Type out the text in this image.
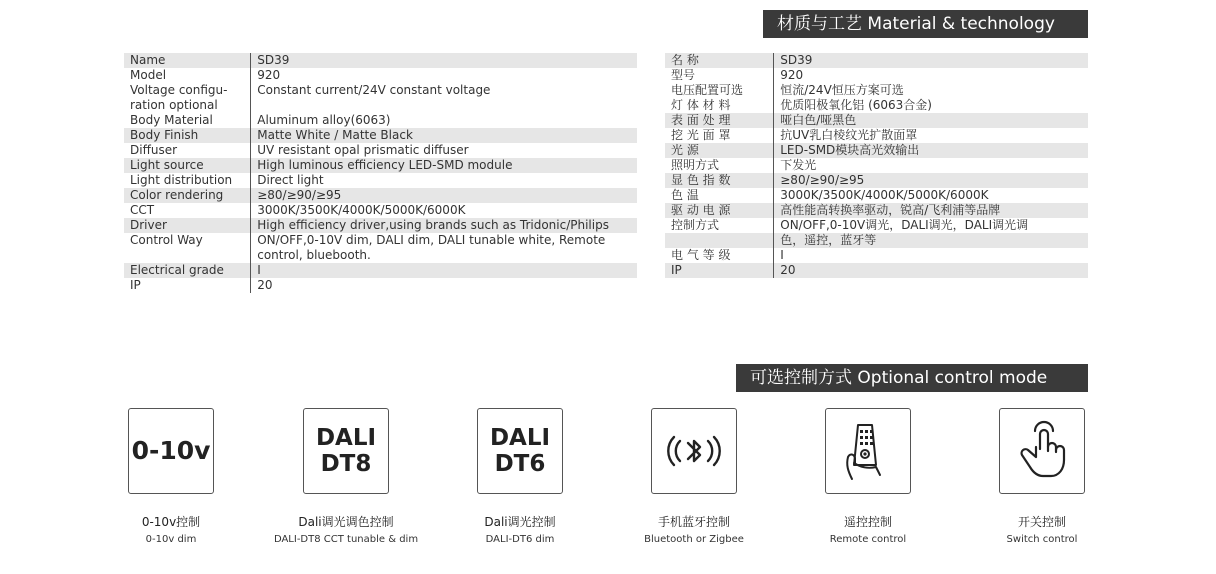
材质与工艺 Material & technology
名 称	SD39
型号	920
电压配置可选	恒流/24V恒压方案可选
灯 体 材 料	优质阳极氧化铝 (6063合金)
表 面 处 理	哑白色/哑黑色
挖 光 面 罩	抗UV乳白棱纹光扩散面罩
光 源	LED-SMD模块高光效输出
照明方式	下发光
显 色 指 数	≥80/≥90/≥95
色 温	3000K/3500K/4000K/5000K/6000K
驱 动 电 源	高性能高转换率驱动，锐高/飞利浦等品牌
控制方式	ON/OFF,0-10V调光，DALI调光，DALI调光调
	色，遥控，蓝牙等
电 气 等 级	I
IP	20
Name	SD39
Model	920
Voltage configu-ration optional	Constant current/24V constant voltage
Body Material	Aluminum alloy(6063)
Body Finish	Matte White / Matte Black
Diffuser	UV resistant opal prismatic diffuser
Light source	High luminous efficiency LED-SMD module
Light distribution	Direct light
Color rendering	≥80/≥90/≥95
CCT	3000K/3500K/4000K/5000K/6000K
Driver	High efficiency driver,using brands such as Tridonic/Philips
Control Way	ON/OFF,0-10V dim, DALI dim, DALI tunable white, Remote control, bluebooth.
Electrical grade	I
IP	20
可选控制方式 Optional control mode
开关控制
Switch control
遥控控制
Remote control
手机蓝牙控制
Bluetooth or Zigbee
DALI DT6
Dali调光控制
DALI-DT6 dim
DALI DT8
Dali调光调色控制
DALI-DT8 CCT tunable & dim
0-10v
0-10v控制
0-10v dim
